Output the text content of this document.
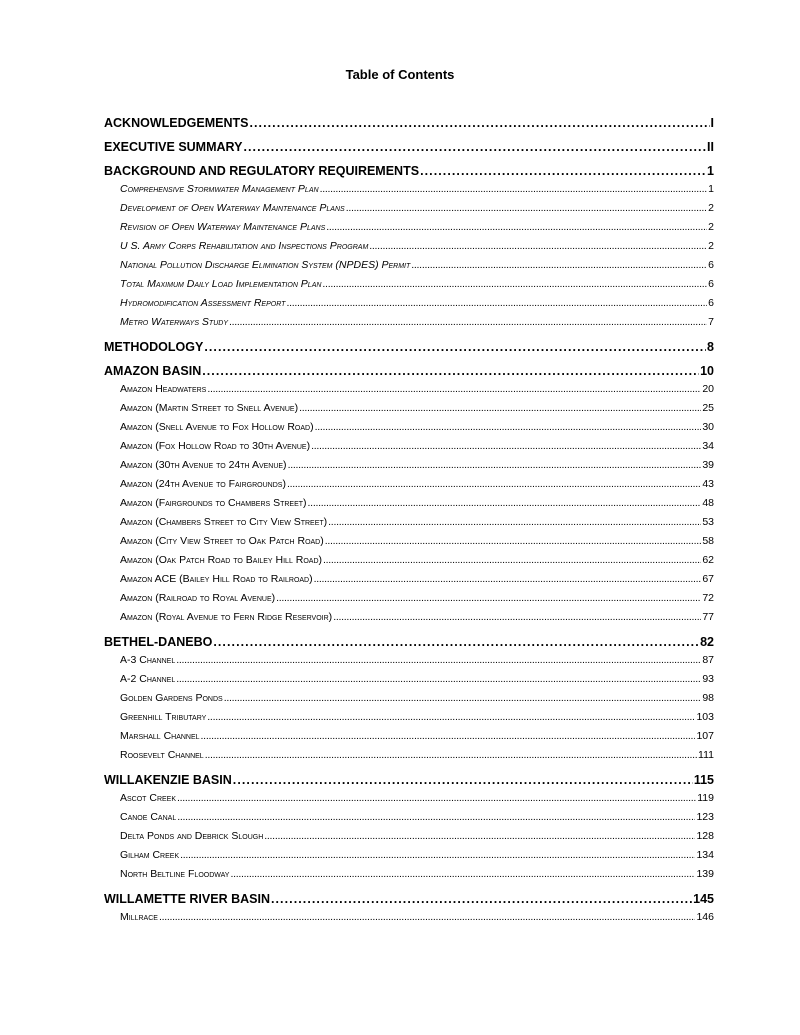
Table of Contents
ACKNOWLEDGEMENTS . . .	I
EXECUTIVE SUMMARY . . .	II
BACKGROUND AND REGULATORY REQUIREMENTS . . .	1
Comprehensive Stormwater Management Plan . . .	1
Development of Open Waterway Maintenance Plans . . .	2
Revision of Open Waterway Maintenance Plans . . .	2
U S. Army Corps Rehabilitation and Inspections Program . . .	2
National Pollution Discharge Elimination System (NPDES) Permit . . .	6
Total Maximum Daily Load Implementation Plan . . .	6
Hydromodification Assessment Report . . .	6
Metro Waterways Study . . .	7
METHODOLOGY . . .	8
AMAZON BASIN . . .	10
Amazon Headwaters . . .	20
Amazon (Martin Street to Snell Avenue) . . .	25
Amazon (Snell Avenue to Fox Hollow Road) . . .	30
Amazon (Fox Hollow Road to 30th Avenue) . . .	34
Amazon (30th Avenue to 24th Avenue) . . .	39
Amazon (24th Avenue to Fairgrounds) . . .	43
Amazon (Fairgrounds to Chambers Street) . . .	48
Amazon (Chambers Street to City View Street) . . .	53
Amazon (City View Street to Oak Patch Road) . . .	58
Amazon (Oak Patch Road to Bailey Hill Road) . . .	62
Amazon ACE (Bailey Hill Road to Railroad) . . .	67
Amazon (Railroad to Royal Avenue) . . .	72
Amazon (Royal Avenue to Fern Ridge Reservoir) . . .	77
BETHEL-DANEBO . . .	82
A-3 Channel . . .	87
A-2 Channel . . .	93
Golden Gardens Ponds . . .	98
Greenhill Tributary . . .	103
Marshall Channel . . .	107
Roosevelt Channel . . .	111
WILLAKENZIE BASIN . . .	115
Ascot Creek . . .	119
Canoe Canal . . .	123
Delta Ponds and Debrick Slough . . .	128
Gilham Creek . . .	134
North Beltline Floodway . . .	139
WILLAMETTE RIVER BASIN . . .	145
Millrace . . .	146
